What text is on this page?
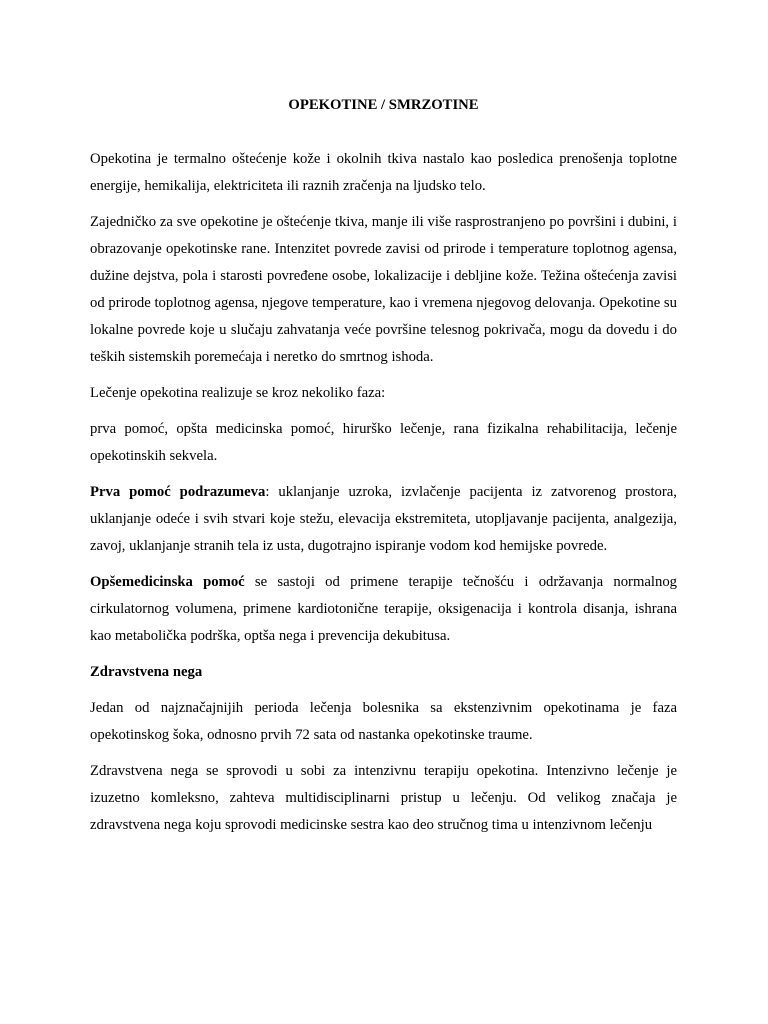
OPEKOTINE / SMRZOTINE

Opekotina je termalno oštećenje kože i okolnih tkiva nastalo kao posledica prenošenja toplotne energije, hemikalija, elektriciteta ili raznih zračenja na ljudsko telo.

Zajedničko za sve opekotine je oštećenje tkiva, manje ili više rasprostranjeno po površini i dubini, i obrazovanje opekotinske rane. Intenzitet povrede zavisi od prirode i temperature toplotnog agensa, dužine dejstva, pola i starosti povređene osobe, lokalizacije i debljine kože. Težina oštećenja zavisi od prirode toplotnog agensa, njegove temperature, kao i vremena njegovog delovanja. Opekotine su lokalne povrede koje u slučaju zahvatanja veće površine telesnog pokrivača, mogu da dovedu i do teških sistemskih poremećaja i neretko do smrtnog ishoda.

Lečenje opekotina realizuje se kroz nekoliko faza:

prva pomoć, opšta medicinska pomoć, hirurško lečenje, rana fizikalna rehabilitacija, lečenje opekotinskih sekvela.

Prva pomoć podrazumeva: uklanjanje uzroka, izvlačenje pacijenta iz zatvorenog prostora, uklanjanje odeće i svih stvari koje stežu, elevacija ekstremiteta, utopljavanje pacijenta, analgezija, zavoj, uklanjanje stranih tela iz usta, dugotrajno ispiranje vodom kod hemijske povrede.

Opšemedicinska pomoć se sastoji od primene terapije tečnošću i održavanja normalnog cirkulatornog volumena, primene kardiotonične terapije, oksigenacija i kontrola disanja, ishrana kao metabolička podrška, optša nega i prevencija dekubitusa.

Zdravstvena nega

Jedan od najznačajnijih perioda lečenja bolesnika sa ekstenzivnim opekotinama je faza opekotinskog šoka, odnosno prvih 72 sata od nastanka opekotinske traume.

Zdravstvena nega se sprovodi u sobi za intenzivnu terapiju opekotina. Intenzivno lečenje je izuzetno komleksno, zahteva multidisciplinarni pristup u lečenju. Od velikog značaja je zdravstvena nega koju sprovodi medicinske sestra kao deo stručnog tima u intenzivnom lečenju
